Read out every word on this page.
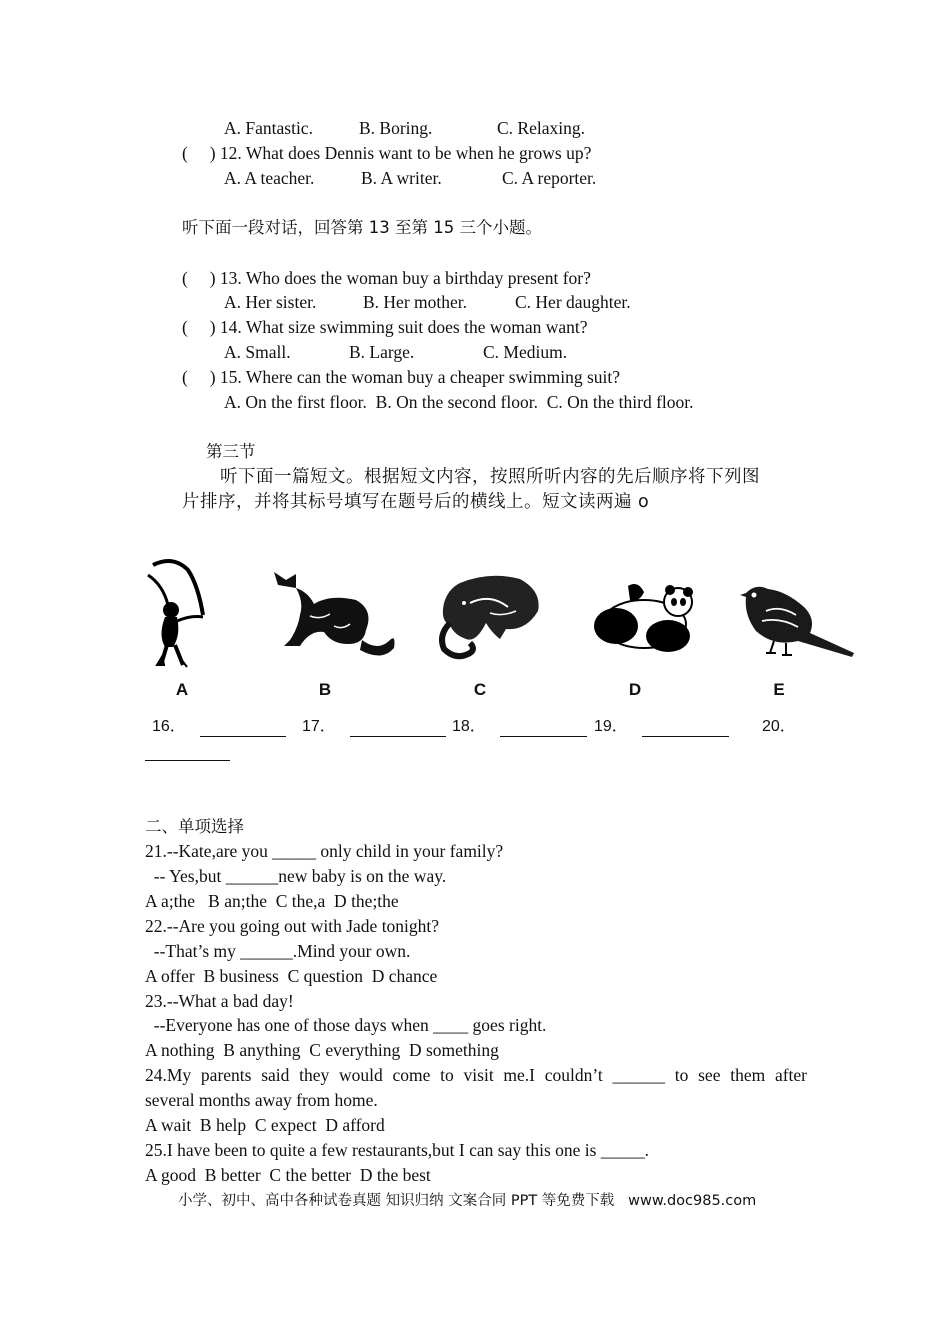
A. Fantastic.

	B. Boring.

	C. Relaxing.

(     ) 12. What does Dennis want to be when he grows up?

A. A teacher.

	B. A writer.

	C. A reporter.

听下面一段对话，回答第 13 至第 15 三个小题。
(     ) 13. Who does the woman buy a birthday present for?

A. Her sister.

	B. Her mother.

	C. Her daughter.

(     ) 14. What size swimming suit does the woman want?

A. Small.

	B. Large.

	C. Medium.

(     ) 15. Where can the woman buy a cheaper swimming suit?
A. On the first floor.  B. On the second floor.  C. On the third floor.
第三节
听下面一篇短文。根据短文内容，按照所听内容的先后顺序将下列图
片排序，并将其标号填写在题号后的横线上。短文读两遍 o
A	B	C	D	E
16．	17．	18．	19．	20．
二、单项选择
21.--Kate,are you _____ only child in your family?
-- Yes,but ______new baby is on the way.
A a;the   B an;the  C the,a  D the;the
22.--Are you going out with Jade tonight?
--That’s my ______.Mind your own.
A offer  B business  C question  D chance
23.--What a bad day!
--Everyone has one of those days when ____ goes right.
A nothing  B anything  C everything  D something
24.My parents said they would come to visit me.I couldn’t ______ to see them after
several months away from home.
A wait  B help  C expect  D afford
25.I have been to quite a few restaurants,but I can say this one is _____.
A good  B better  C the better  D the best
小学、初中、高中各种试卷真题 知识归纳 文案合同 PPT 等免费下载   www.doc985.com
